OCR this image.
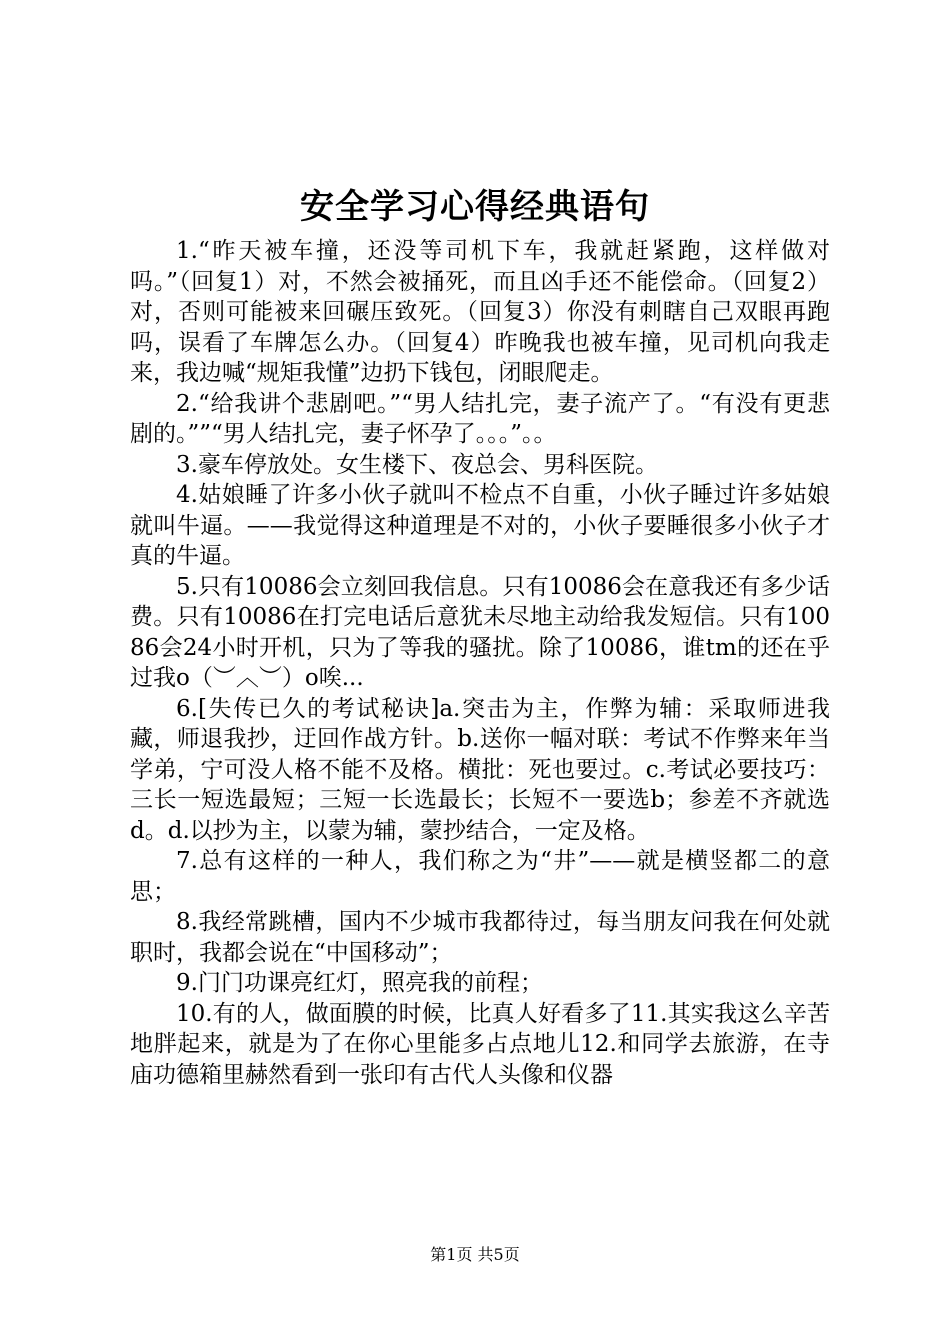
安全学习心得经典语句

1.“昨天被车撞，还没等司机下车，我就赶紧跑，这样做对吗。”（回复1）对，不然会被捅死，而且凶手还不能偿命。（回复2）对，否则可能被来回碾压致死。（回复3）你没有刺瞎自己双眼再跑吗，误看了车牌怎么办。（回复4）昨晚我也被车撞，见司机向我走来，我边喊“规矩我懂”边扔下钱包，闭眼爬走。

2.“给我讲个悲剧吧。”“男人结扎完，妻子流产了。“有没有更悲剧的。””“男人结扎完，妻子怀孕了。。。”。。

3.豪车停放处。女生楼下、夜总会、男科医院。

4.姑娘睡了许多小伙子就叫不检点不自重，小伙子睡过许多姑娘就叫牛逼。——我觉得这种道理是不对的，小伙子要睡很多小伙子才真的牛逼。

5.只有10086会立刻回我信息。只有10086会在意我还有多少话费。只有10086在打完电话后意犹未尽地主动给我发短信。只有10086会24小时开机，只为了等我的骚扰。除了10086，谁tm的还在乎过我o（︶︿︶）o唉...

6.[失传已久的考试秘诀]a.突击为主，作弊为辅：采取师进我藏，师退我抄，迂回作战方针。b.送你一幅对联：考试不作弊来年当学弟，宁可没人格不能不及格。横批：死也要过。c.考试必要技巧：三长一短选最短；三短一长选最长；长短不一要选b；参差不齐就选d。d.以抄为主，以蒙为辅，蒙抄结合，一定及格。

7.总有这样的一种人，我们称之为“井”——就是横竖都二的意思；

8.我经常跳槽，国内不少城市我都待过，每当朋友问我在何处就职时，我都会说在“中国移动”；

9.门门功课亮红灯，照亮我的前程；

10.有的人，做面膜的时候，比真人好看多了11.其实我这么辛苦地胖起来，就是为了在你心里能多占点地儿12.和同学去旅游，在寺庙功德箱里赫然看到一张印有古代人头像和仪器

第1页 共5页
